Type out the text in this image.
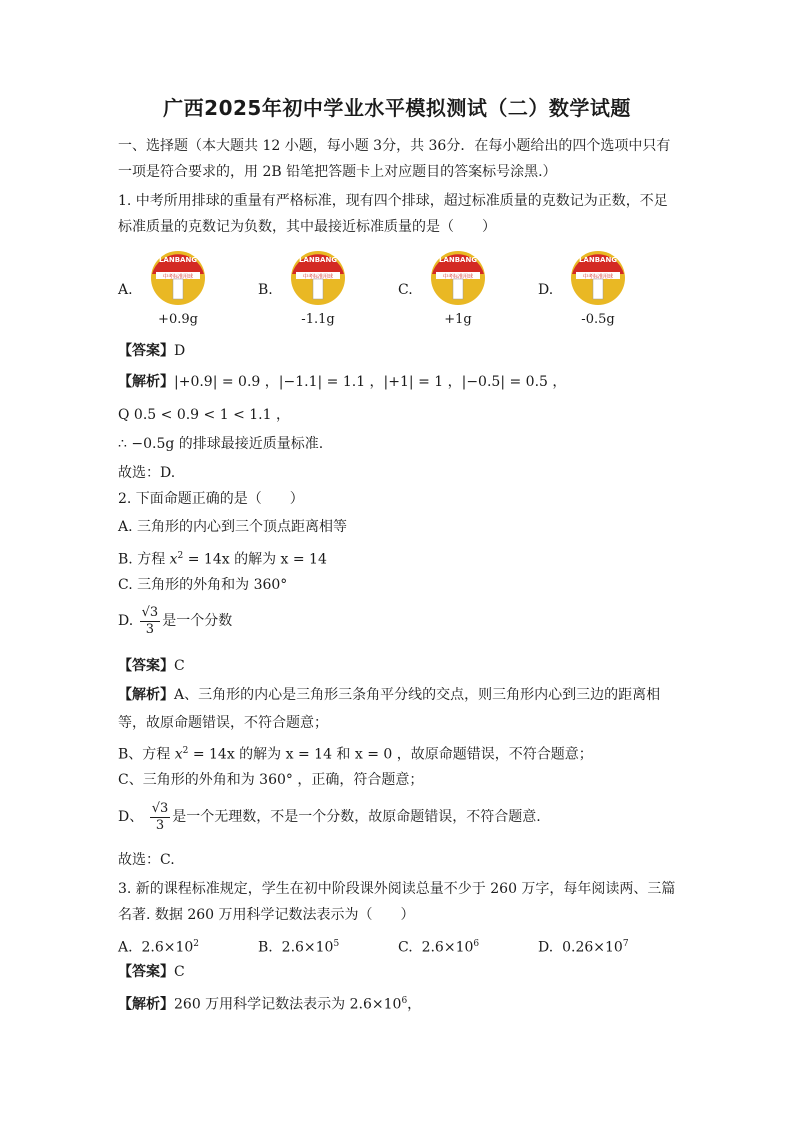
广西2025年初中学业水平模拟测试（二）数学试题
一、选择题（本大题共 12 小题，每小题 3分，共 36分．在每小题给出的四个选项中只有
一项是符合要求的，用 2B 铅笔把答题卡上对应题目的答案标号涂黑.）
1. 中考所用排球的重量有严格标准，现有四个排球，超过标准质量的克数记为正数，不足
标准质量的克数记为负数，其中最接近标准质量的是（　　）
A.
LANBANG
中考标准用球
+0.9g
B.
LANBANG
中考标准用球
-1.1g
C.
LANBANG
中考标准用球
+1g
D.
LANBANG
中考标准用球
-0.5g
【答案】D
【解析】|+0.9| = 0.9 ，|−1.1| = 1.1 ，|+1| = 1 ，|−0.5| = 0.5 ，
Q 0.5 < 0.9 < 1 < 1.1 ，
∴ −0.5g 的排球最接近质量标准.
故选：D.
2. 下面命题正确的是（　　）
A. 三角形的内心到三个顶点距离相等
B. 方程 $x^2 = 14x$ 的解为 x = 14
C. 三角形的外角和为 360°
D. $\frac{√3}{3}$ 是一个分数
【答案】C
【解析】A、三角形的内心是三角形三条角平分线的交点，则三角形内心到三边的距离相
等，故原命题错误，不符合题意；
B、方程 $x^2 = 14x$ 的解为 x = 14 和 x = 0 ，故原命题错误，不符合题意；
C、三角形的外角和为 360° ，正确，符合题意；
D、 $\frac{√3}{3}$ 是一个无理数，不是一个分数，故原命题错误，不符合题意.
故选：C.
3. 新的课程标准规定，学生在初中阶段课外阅读总量不少于 260 万字，每年阅读两、三篇
名著. 数据 260 万用科学记数法表示为（　　）
A. $2.6\times 10^2$	B. $2.6\times 10^5$	C. $2.6\times 10^6$	D. $0.26\times 10^7$
【答案】C
【解析】260 万用科学记数法表示为 $2.6\times 10^6$，
